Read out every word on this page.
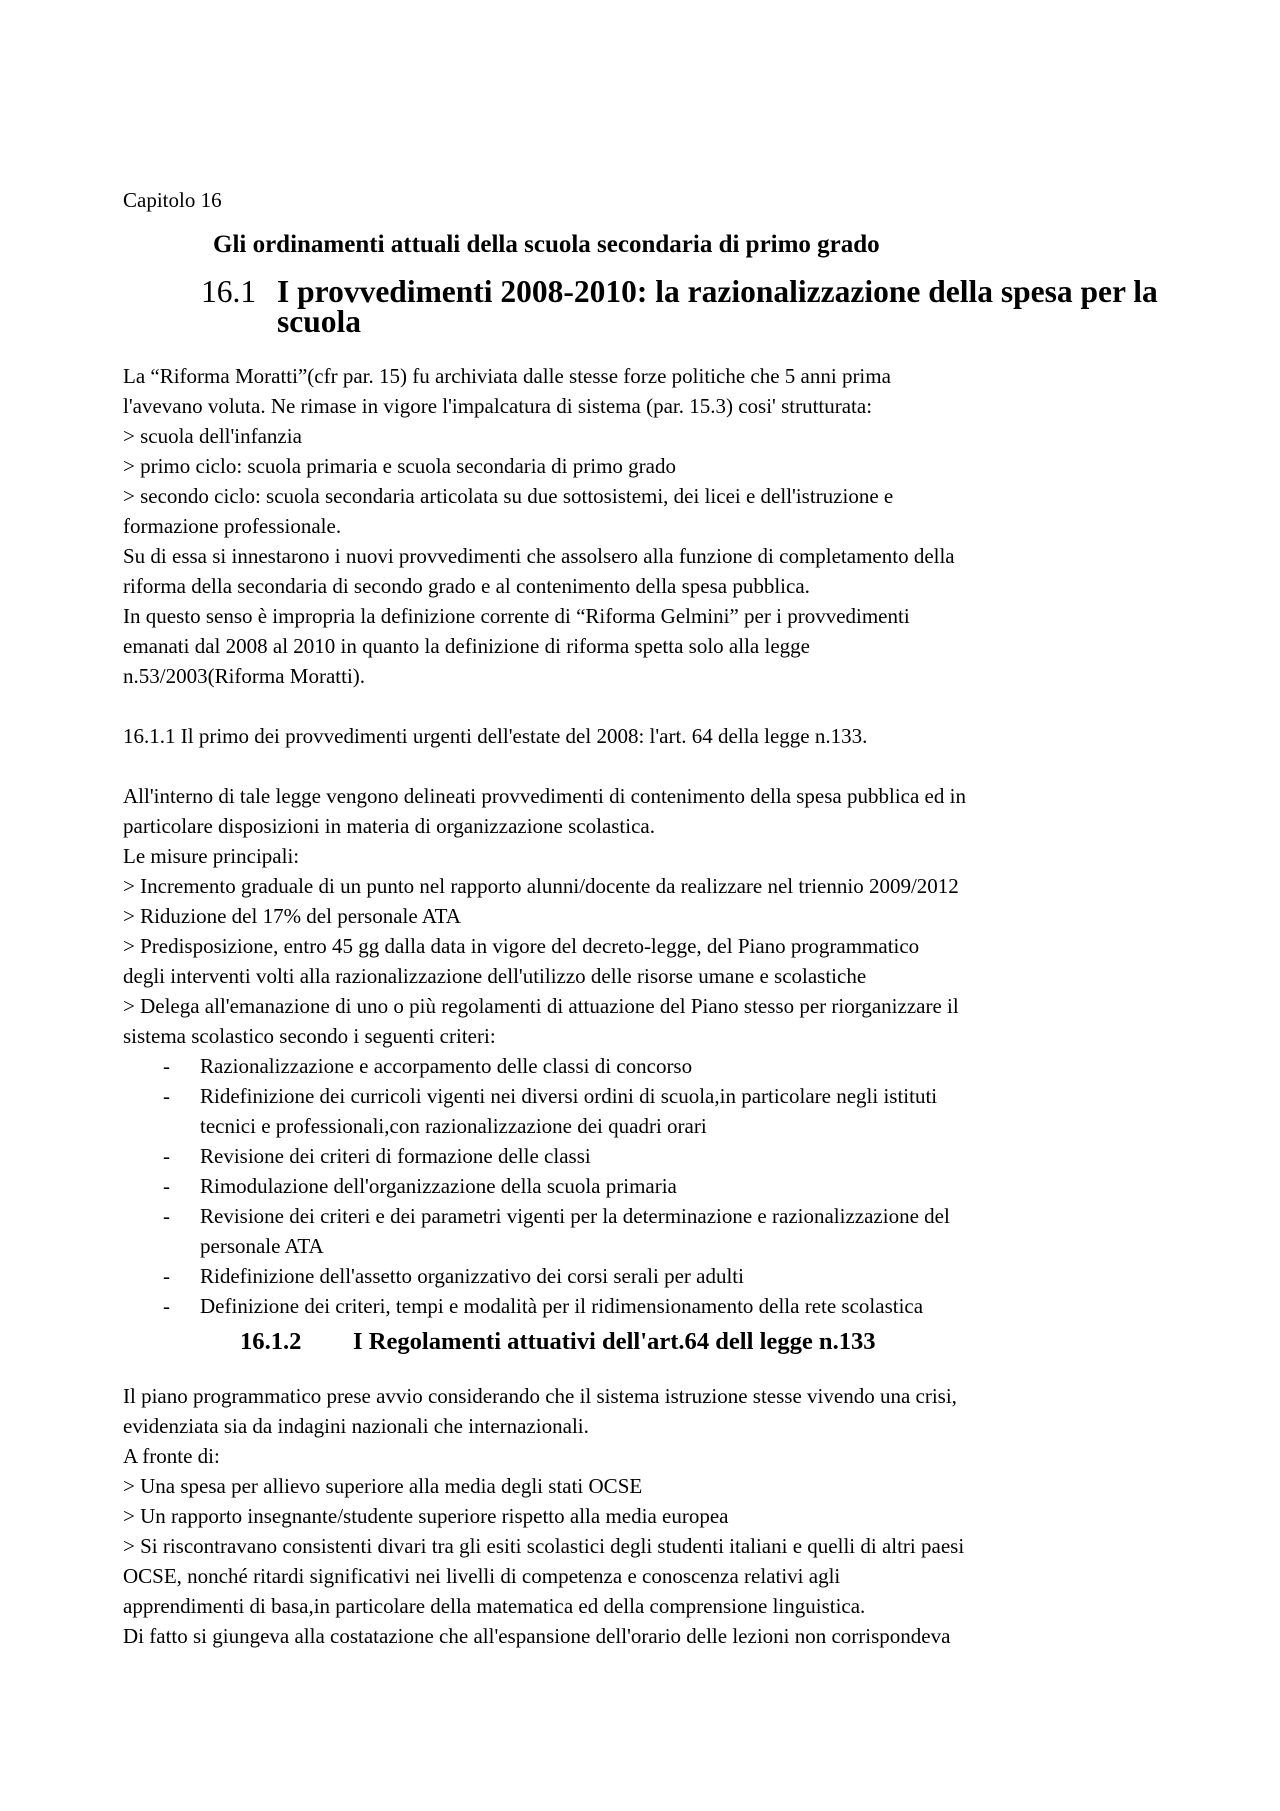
Capitolo 16

Gli ordinamenti attuali della scuola secondaria di primo grado
16.1 I provvedimenti 2008-2010: la razionalizzazione della spesa per la scuola
La “Riforma Moratti”(cfr par. 15) fu archiviata dalle stesse forze politiche che 5 anni prima
l'avevano voluta. Ne rimase in vigore l'impalcatura di sistema (par. 15.3) cosi' strutturata:
> scuola dell'infanzia
> primo ciclo: scuola primaria e scuola secondaria di primo grado
> secondo ciclo: scuola secondaria articolata su due sottosistemi, dei licei e dell'istruzione e
formazione professionale.
Su di essa si innestarono i nuovi provvedimenti che assolsero alla funzione di completamento della
riforma della secondaria di secondo grado e al contenimento della spesa pubblica.
In questo senso è impropria la definizione corrente di “Riforma Gelmini” per i provvedimenti
emanati dal 2008 al 2010 in quanto la definizione di riforma spetta solo alla legge
n.53/2003(Riforma Moratti).

16.1.1 Il primo dei provvedimenti urgenti dell'estate del 2008: l'art. 64 della legge n.133.

All'interno di tale legge vengono delineati provvedimenti di contenimento della spesa pubblica ed in
particolare disposizioni in materia di organizzazione scolastica.
Le misure principali:
> Incremento graduale di un punto nel rapporto alunni/docente da realizzare nel triennio 2009/2012
> Riduzione del 17% del personale ATA
> Predisposizione, entro 45 gg dalla data in vigore del decreto-legge, del Piano programmatico
degli interventi volti alla razionalizzazione dell'utilizzo delle risorse umane e scolastiche
> Delega all'emanazione di uno o più regolamenti di attuazione del Piano stesso per riorganizzare il
sistema scolastico secondo i seguenti criteri:
- Razionalizzazione e accorpamento delle classi di concorso
- Ridefinizione dei curricoli vigenti nei diversi ordini di scuola,in particolare negli istituti
tecnici e professionali,con razionalizzazione dei quadri orari
- Revisione dei criteri di formazione delle classi
- Rimodulazione dell'organizzazione della scuola primaria
- Revisione dei criteri e dei parametri vigenti per la determinazione e razionalizzazione del
personale ATA
- Ridefinizione dell'assetto organizzativo dei corsi serali per adulti
- Definizione dei criteri, tempi e modalità per il ridimensionamento della rete scolastica
16.1.2	I Regolamenti attuativi dell'art.64 dell legge n.133
Il piano programmatico prese avvio considerando che il sistema istruzione stesse vivendo una crisi,
evidenziata sia da indagini nazionali che internazionali.
A fronte di:
> Una spesa per allievo superiore alla media degli stati OCSE
> Un rapporto insegnante/studente superiore rispetto alla media europea
> Si riscontravano consistenti divari tra gli esiti scolastici degli studenti italiani e quelli di altri paesi
OCSE, nonché ritardi significativi nei livelli di competenza e conoscenza relativi agli
apprendimenti di basa,in particolare della matematica ed della comprensione linguistica.
Di fatto si giungeva alla costatazione che all'espansione dell'orario delle lezioni non corrispondeva
